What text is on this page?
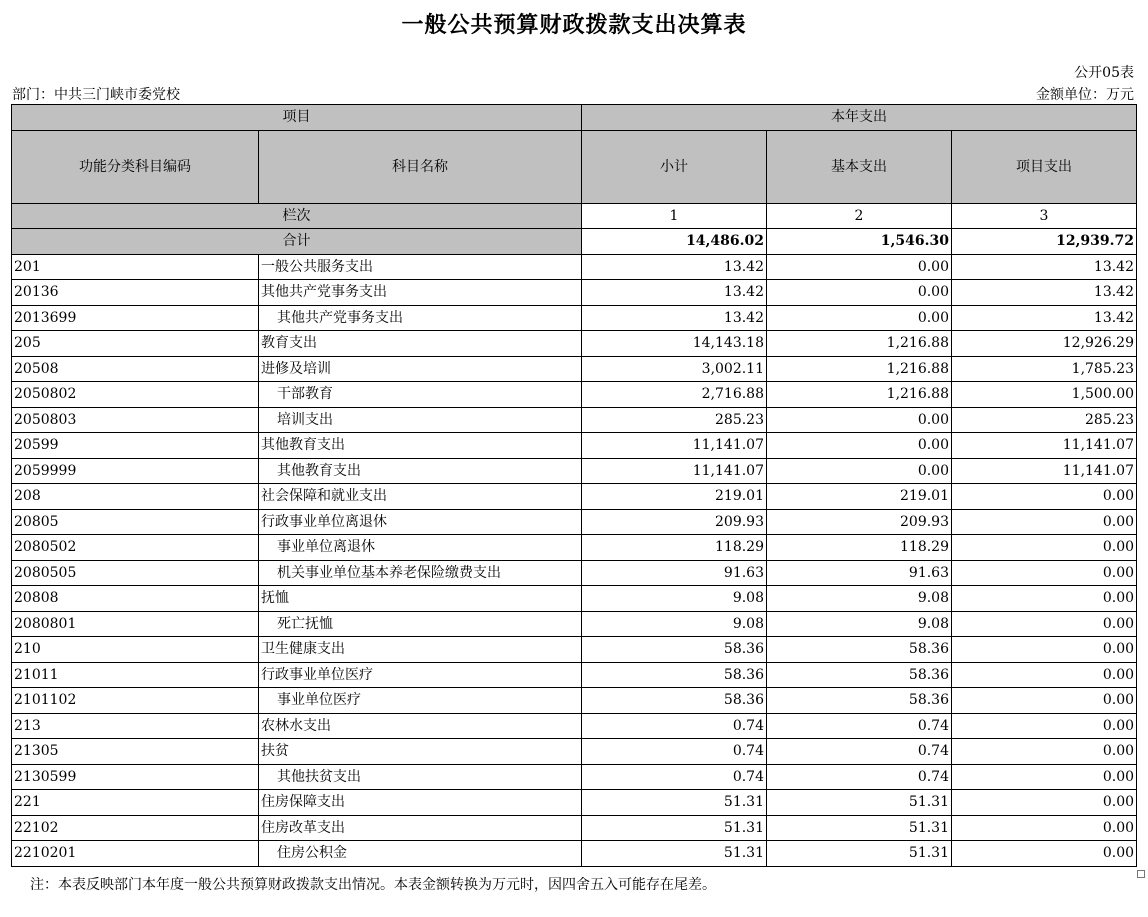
一般公共预算财政拨款支出决算表
公开05表
部门：中共三门峡市委党校	金额单位：万元
项目		本年支出		
功能分类科目编码	科目名称	小计	基本支出	项目支出
栏次		1	2	3
合计		14,486.02	1,546.30	12,939.72
201	一般公共服务支出	13.42	0.00	13.42
20136	其他共产党事务支出	13.42	0.00	13.42
2013699	其他共产党事务支出	13.42	0.00	13.42
205	教育支出	14,143.18	1,216.88	12,926.29
20508	进修及培训	3,002.11	1,216.88	1,785.23
2050802	干部教育	2,716.88	1,216.88	1,500.00
2050803	培训支出	285.23	0.00	285.23
20599	其他教育支出	11,141.07	0.00	11,141.07
2059999	其他教育支出	11,141.07	0.00	11,141.07
208	社会保障和就业支出	219.01	219.01	0.00
20805	行政事业单位离退休	209.93	209.93	0.00
2080502	事业单位离退休	118.29	118.29	0.00
2080505	机关事业单位基本养老保险缴费支出	91.63	91.63	0.00
20808	抚恤	9.08	9.08	0.00
2080801	死亡抚恤	9.08	9.08	0.00
210	卫生健康支出	58.36	58.36	0.00
21011	行政事业单位医疗	58.36	58.36	0.00
2101102	事业单位医疗	58.36	58.36	0.00
213	农林水支出	0.74	0.74	0.00
21305	扶贫	0.74	0.74	0.00
2130599	其他扶贫支出	0.74	0.74	0.00
221	住房保障支出	51.31	51.31	0.00
22102	住房改革支出	51.31	51.31	0.00
2210201	住房公积金	51.31	51.31	0.00
注：本表反映部门本年度一般公共预算财政拨款支出情况。本表金额转换为万元时，因四舍五入可能存在尾差。
